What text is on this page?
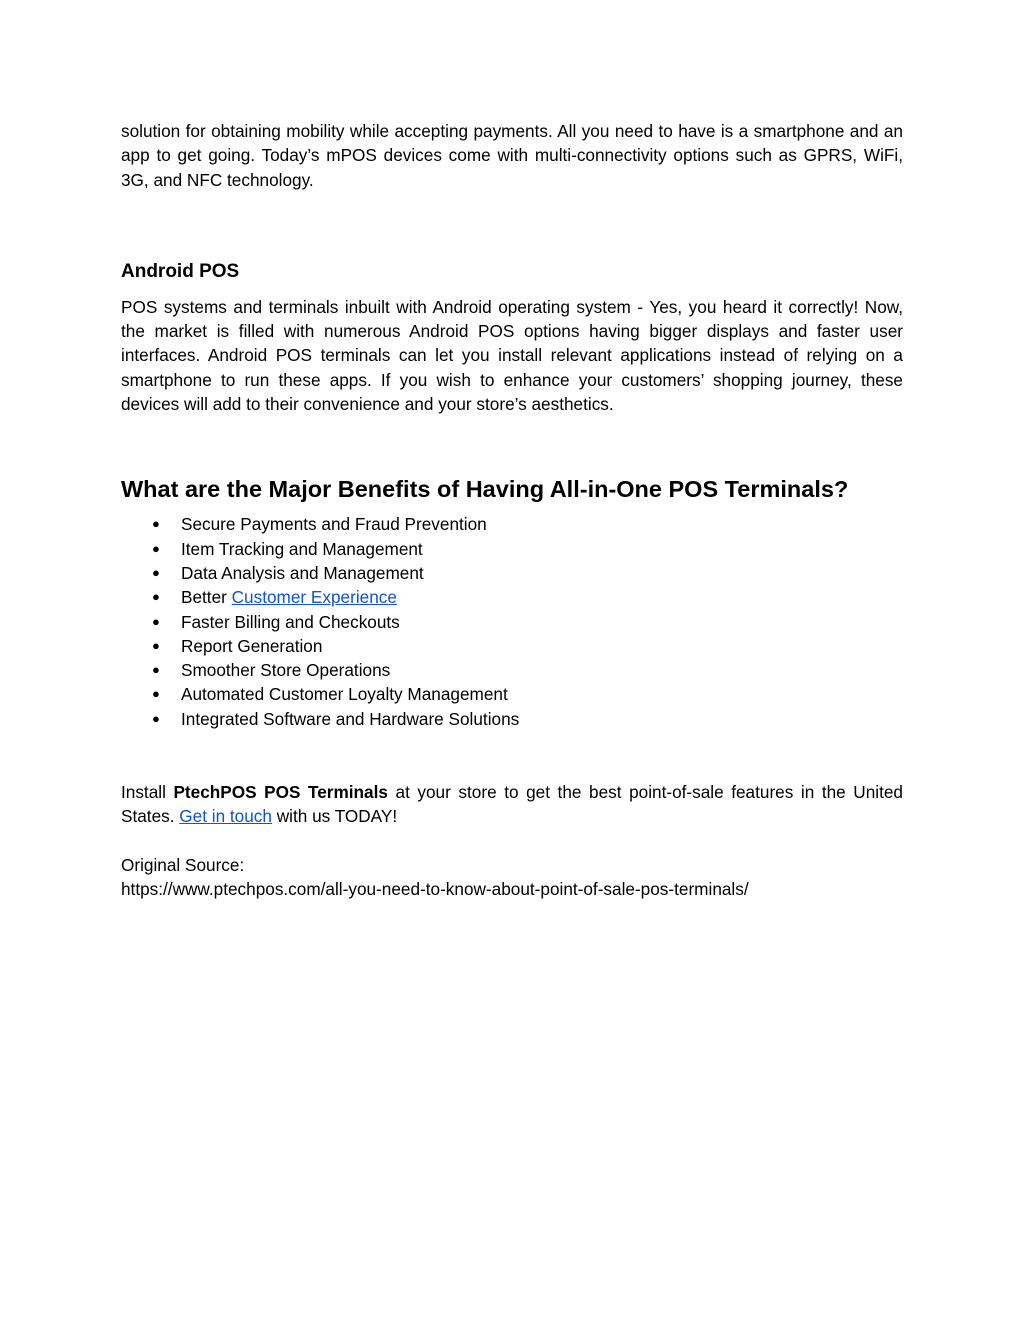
solution for obtaining mobility while accepting payments. All you need to have is a smartphone and an app to get going. Today’s mPOS devices come with multi-connectivity options such as GPRS, WiFi, 3G, and NFC technology.

Android POS

POS systems and terminals inbuilt with Android operating system - Yes, you heard it correctly! Now, the market is filled with numerous Android POS options having bigger displays and faster user interfaces. Android POS terminals can let you install relevant applications instead of relying on a smartphone to run these apps. If you wish to enhance your customers’ shopping journey, these devices will add to their convenience and your store’s aesthetics.

What are the Major Benefits of Having All-in-One POS Terminals?
● Secure Payments and Fraud Prevention
● Item Tracking and Management
● Data Analysis and Management
● Better Customer Experience
● Faster Billing and Checkouts
● Report Generation
● Smoother Store Operations
● Automated Customer Loyalty Management
● Integrated Software and Hardware Solutions

Install PtechPOS POS Terminals at your store to get the best point-of-sale features in the United States. Get in touch with us TODAY!

Original Source:
https://www.ptechpos.com/all-you-need-to-know-about-point-of-sale-pos-terminals/
